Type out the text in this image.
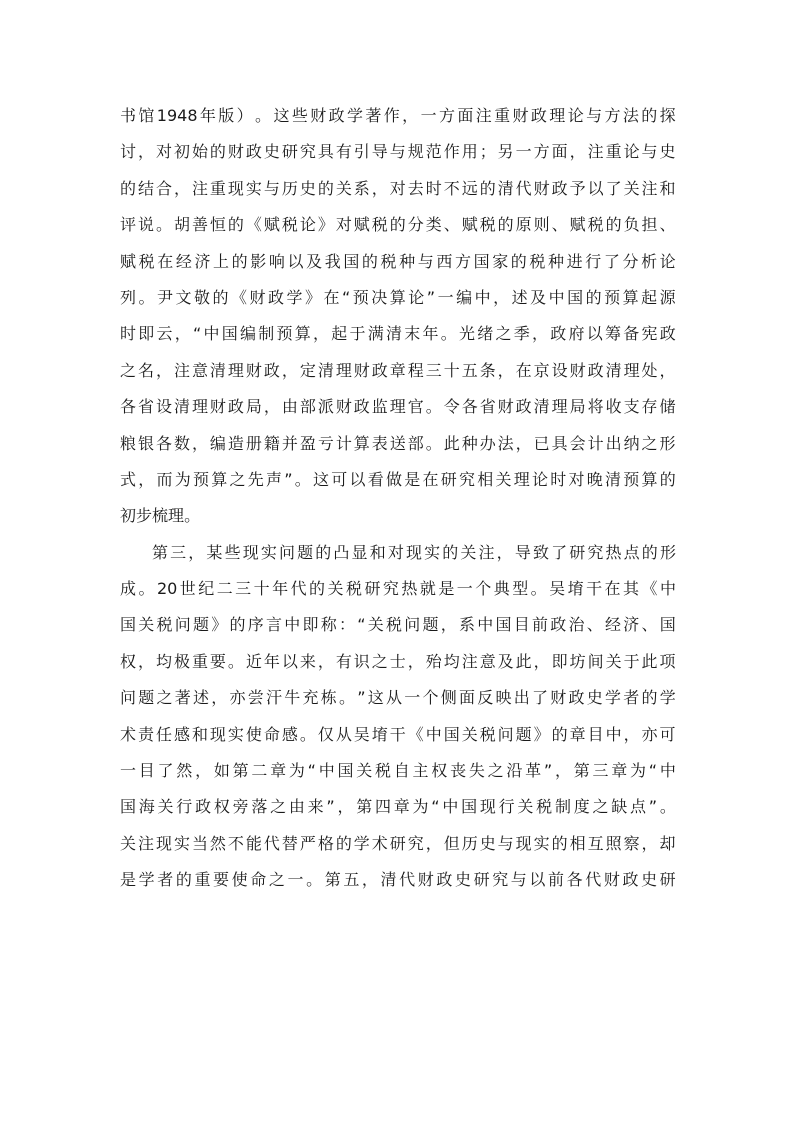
书 馆 1948 年 版 ） 。 这 些 财 政 学 著 作 ， 一 方 面 注 重 财 政 理 论 与 方 法 的 探
讨 ， 对 初 始 的 财 政 史 研 究 具 有 引 导 与 规 范 作 用 ； 另 一 方 面 ， 注 重 论 与 史
的 结 合 ， 注 重 现 实 与 历 史 的 关 系 ， 对 去 时 不 远 的 清 代 财 政 予 以 了 关 注 和
评 说 。 胡 善 恒 的 《 赋 税 论 》 对 赋 税 的 分 类 、 赋 税 的 原 则 、 赋 税 的 负 担 、
赋 税 在 经 济 上 的 影 响 以 及 我 国 的 税 种 与 西 方 国 家 的 税 种 进 行 了 分 析 论
列 。 尹 文 敬 的 《 财 政 学 》 在 “ 预 决 算 论 ” 一 编 中 ， 述 及 中 国 的 预 算 起 源
时 即 云 ， “ 中 国 编 制 预 算 ， 起 于 满 清 末 年 。 光 绪 之 季 ， 政 府 以 筹 备 宪 政
之 名 ， 注 意 清 理 财 政 ， 定 清 理 财 政 章 程 三 十 五 条 ， 在 京 设 财 政 清 理 处 ，
各 省 设 清 理 财 政 局 ， 由 部 派 财 政 监 理 官 。 令 各 省 财 政 清 理 局 将 收 支 存 储
粮 银 各 数 ， 编 造 册 籍 并 盈 亏 计 算 表 送 部 。 此 种 办 法 ， 已 具 会 计 出 纳 之 形
式 ， 而 为 预 算 之 先 声 ” 。 这 可 以 看 做 是 在 研 究 相 关 理 论 时 对 晚 清 预 算 的
初 步 梳 理 。
第 三 ， 某 些 现 实 问 题 的 凸 显 和 对 现 实 的 关 注 ， 导 致 了 研 究 热 点 的 形
成 。 20 世 纪 二 三 十 年 代 的 关 税 研 究 热 就 是 一 个 典 型 。 吴 堉 干 在 其 《 中
国 关 税 问 题 》 的 序 言 中 即 称 ： “ 关 税 问 题 ， 系 中 国 目 前 政 治 、 经 济 、 国
权 ， 均 极 重 要 。 近 年 以 来 ， 有 识 之 士 ， 殆 均 注 意 及 此 ， 即 坊 间 关 于 此 项
问 题 之 著 述 ， 亦 尝 汗 牛 充 栋 。 ” 这 从 一 个 侧 面 反 映 出 了 财 政 史 学 者 的 学
术 责 任 感 和 现 实 使 命 感 。 仅 从 吴 堉 干 《 中 国 关 税 问 题 》 的 章 目 中 ， 亦 可
一 目 了 然 ， 如 第 二 章 为 “ 中 国 关 税 自 主 权 丧 失 之 沿 革 ” ， 第 三 章 为 “ 中
国 海 关 行 政 权 旁 落 之 由 来 ” ， 第 四 章 为 “ 中 国 现 行 关 税 制 度 之 缺 点 ” 。
关 注 现 实 当 然 不 能 代 替 严 格 的 学 术 研 究 ， 但 历 史 与 现 实 的 相 互 照 察 ， 却
是 学 者 的 重 要 使 命 之 一 。 第 五 ， 清 代 财 政 史 研 究 与 以 前 各 代 财 政 史 研
